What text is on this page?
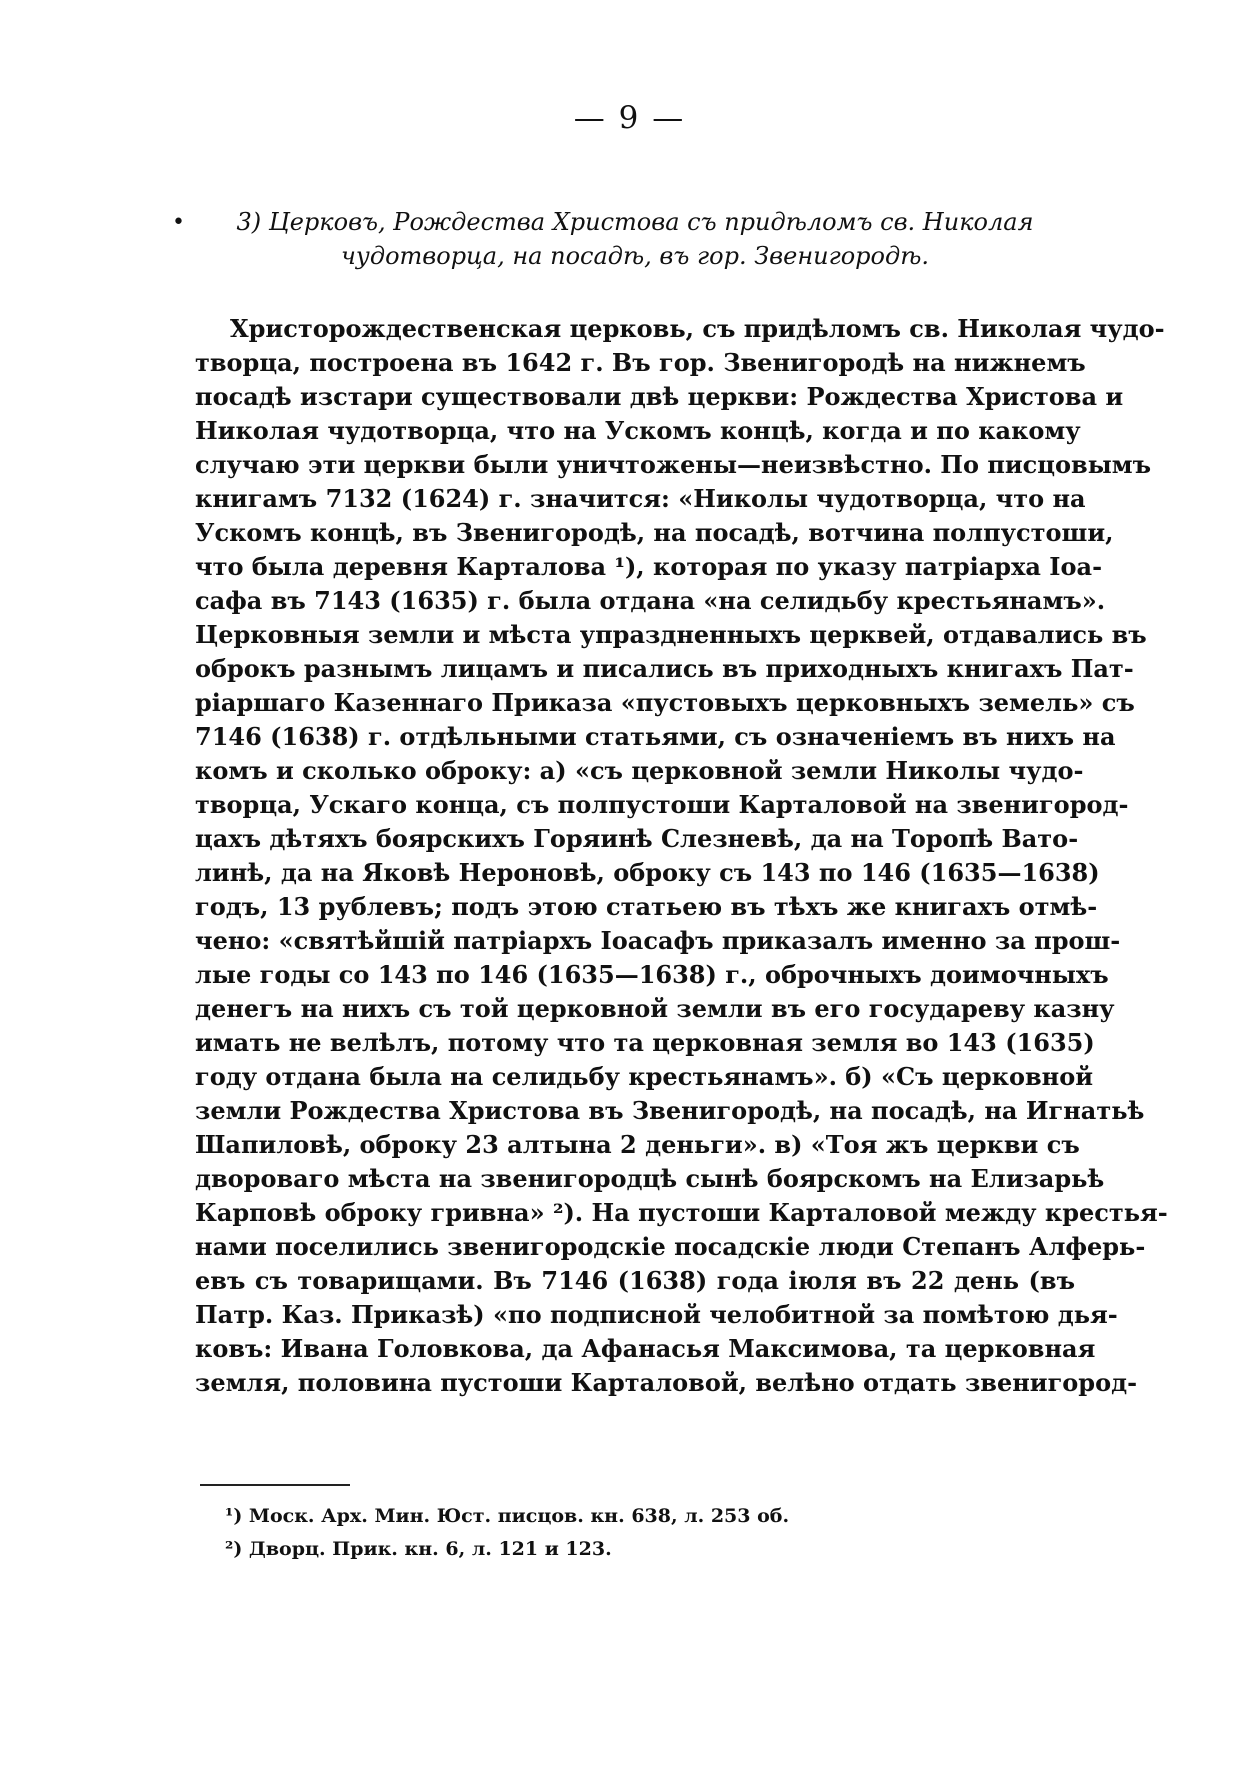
— 9 —
•	3) Церковъ, Рождества Христова съ придѣломъ св. Николая
чудотворца, на посадѣ, въ гор. Звенигородѣ.
Христорождественская церковь, съ придѣломъ св. Николая чудо-
творца, построена въ 1642 г. Въ гор. Звенигородѣ на нижнемъ
посадѣ изстари существовали двѣ церкви: Рождества Христова и
Николая чудотворца, что на Ускомъ концѣ, когда и по какому
случаю эти церкви были уничтожены—неизвѣстно. По писцовымъ
книгамъ 7132 (1624) г. значится: «Николы чудотворца, что на
Ускомъ концѣ, въ Звенигородѣ, на посадѣ, вотчина полпустоши,
что была деревня Карталова ¹), которая по указу патріарха Іоа-
сафа въ 7143 (1635) г. была отдана «на селидьбу крестьянамъ».
Церковныя земли и мѣста упраздненныхъ церквей, отдавались въ
оброкъ разнымъ лицамъ и писались въ приходныхъ книгахъ Пат-
ріаршаго Казеннаго Приказа «пустовыхъ церковныхъ земель» съ
7146 (1638) г. отдѣльными статьями, съ означеніемъ въ нихъ на
комъ и сколько оброку: а) «съ церковной земли Николы чудо-
творца, Ускаго конца, съ полпустоши Карталовой на звенигород-
цахъ дѣтяхъ боярскихъ Горяинѣ Слезневѣ, да на Торопѣ Вато-
линѣ, да на Яковѣ Нероновѣ, оброку съ 143 по 146 (1635—1638)
годъ, 13 рублевъ; подъ этою статьею въ тѣхъ же книгахъ отмѣ-
чено: «святѣйшій патріархъ Іоасафъ приказалъ именно за прош-
лые годы со 143 по 146 (1635—1638) г., оброчныхъ доимочныхъ
денегъ на нихъ съ той церковной земли въ его государеву казну
имать не велѣлъ, потому что та церковная земля во 143 (1635)
году отдана была на селидьбу крестьянамъ». б) «Съ церковной
земли Рождества Христова въ Звенигородѣ, на посадѣ, на Игнатьѣ
Шапиловѣ, оброку 23 алтына 2 деньги». в) «Тоя жъ церкви съ
двороваго мѣста на звенигородцѣ сынѣ боярскомъ на Елизарьѣ
Карповѣ оброку гривна» ²). На пустоши Карталовой между крестья-
нами поселились звенигородскіе посадскіе люди Степанъ Алферь-
евъ съ товарищами. Въ 7146 (1638) года іюля въ 22 день (въ
Патр. Каз. Приказѣ) «по подписной челобитной за помѣтою дья-
ковъ: Ивана Головкова, да Афанасья Максимова, та церковная
земля, половина пустоши Карталовой, велѣно отдать звенигород-
¹) Моск. Арх. Мин. Юст. писцов. кн. 638, л. 253 об.
²) Дворц. Прик. кн. 6, л. 121 и 123.
